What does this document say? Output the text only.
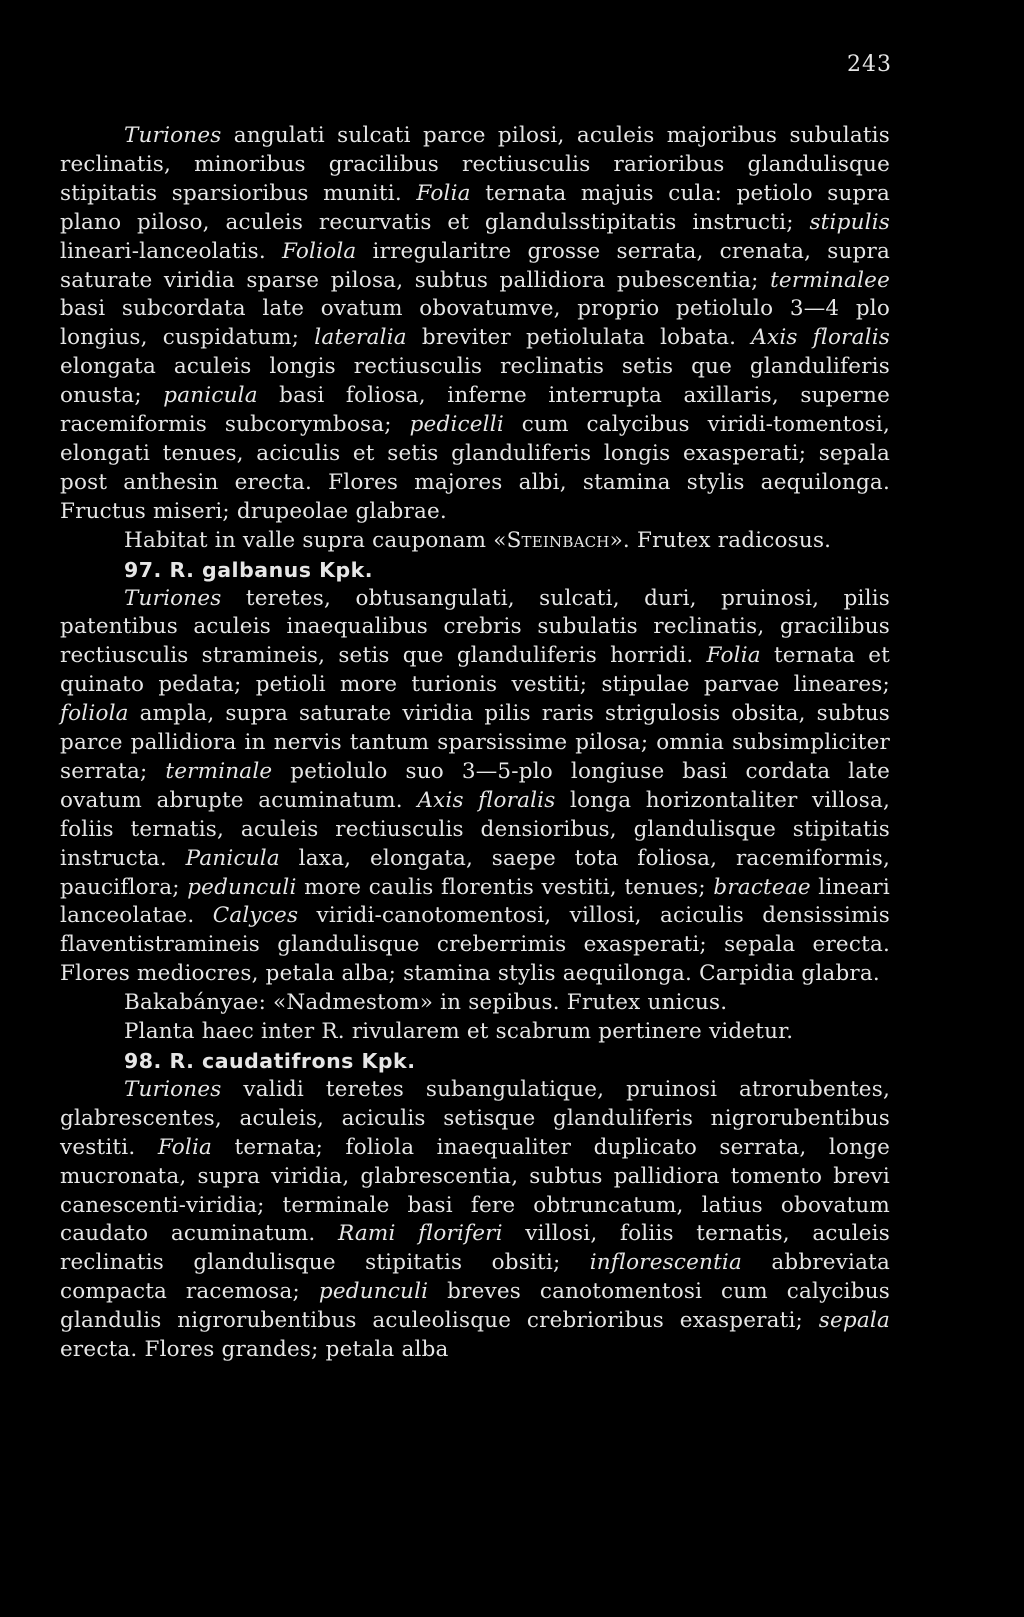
243
Turiones angulati sulcati parce pilosi, aculeis majoribus subulatis reclinatis, minoribus gracilibus rectiusculis rarioribus glandulisque stipitatis sparsioribus muniti. Folia ternata majuis cula: petiolo supra plano piloso, aculeis recurvatis et glandulsstipitatis instructi; stipulis lineari-lanceolatis. Foliola irregularitre grosse serrata, crenata, supra saturate viridia sparse pilosa, subtus pallidiora pubescentia; terminalee basi subcordata late ovatum obovatumve, proprio petiolulo 3—4 plo longius, cuspidatum; lateralia breviter petiolulata lobata. Axis floralis elongata aculeis longis rectiusculis reclinatis setis que glanduliferis onusta; panicula basi foliosa, inferne interrupta axillaris, superne racemiformis subcorymbosa; pedicelli cum calycibus viridi-tomentosi, elongati tenues, aciculis et setis glanduliferis longis exasperati; sepala post anthesin erecta. Flores majores albi, stamina stylis aequilonga. Fructus miseri; drupeolae glabrae.
Habitat in valle supra cauponam «Steinbach». Frutex radicosus.
97. R. galbanus Kpk.
Turiones teretes, obtusangulati, sulcati, duri, pruinosi, pilis patentibus aculeis inaequalibus crebris subulatis reclinatis, gracilibus rectiusculis stramineis, setis que glanduliferis horridi. Folia ternata et quinato pedata; petioli more turionis vestiti; stipulae parvae lineares; foliola ampla, supra saturate viridia pilis raris strigulosis obsita, subtus parce pallidiora in nervis tantum sparsissime pilosa; omnia subsimpliciter serrata; terminale petiolulo suo 3—5-plo longiuse basi cordata late ovatum abrupte acuminatum. Axis floralis longa horizontaliter villosa, foliis ternatis, aculeis rectiusculis densioribus, glandulisque stipitatis instructa. Panicula laxa, elongata, saepe tota foliosa, racemiformis, pauciflora; pedunculi more caulis florentis vestiti, tenues; bracteae lineari lanceolatae. Calyces viridi-canotomentosi, villosi, aciculis densissimis flaventistramineis glandulisque creberrimis exasperati; sepala erecta. Flores mediocres, petala alba; stamina stylis aequilonga. Carpidia glabra.
Bakabányae: «Nadmestom» in sepibus. Frutex unicus.
Planta haec inter R. rivularem et scabrum pertinere videtur.
98. R. caudatifrons Kpk.
Turiones validi teretes subangulatique, pruinosi atrorubentes, glabrescentes, aculeis, aciculis setisque glanduliferis nigrorubentibus vestiti. Folia ternata; foliola inaequaliter duplicato serrata, longe mucronata, supra viridia, glabrescentia, subtus pallidiora tomento brevi canescenti-viridia; terminale basi fere obtruncatum, latius obovatum caudato acuminatum. Rami floriferi villosi, foliis ternatis, aculeis reclinatis glandulisque stipitatis obsiti; inflorescentia abbreviata compacta racemosa; pedunculi breves canotomentosi cum calycibus glandulis nigrorubentibus aculeolisque crebrioribus exasperati; sepala erecta. Flores grandes; petala alba
